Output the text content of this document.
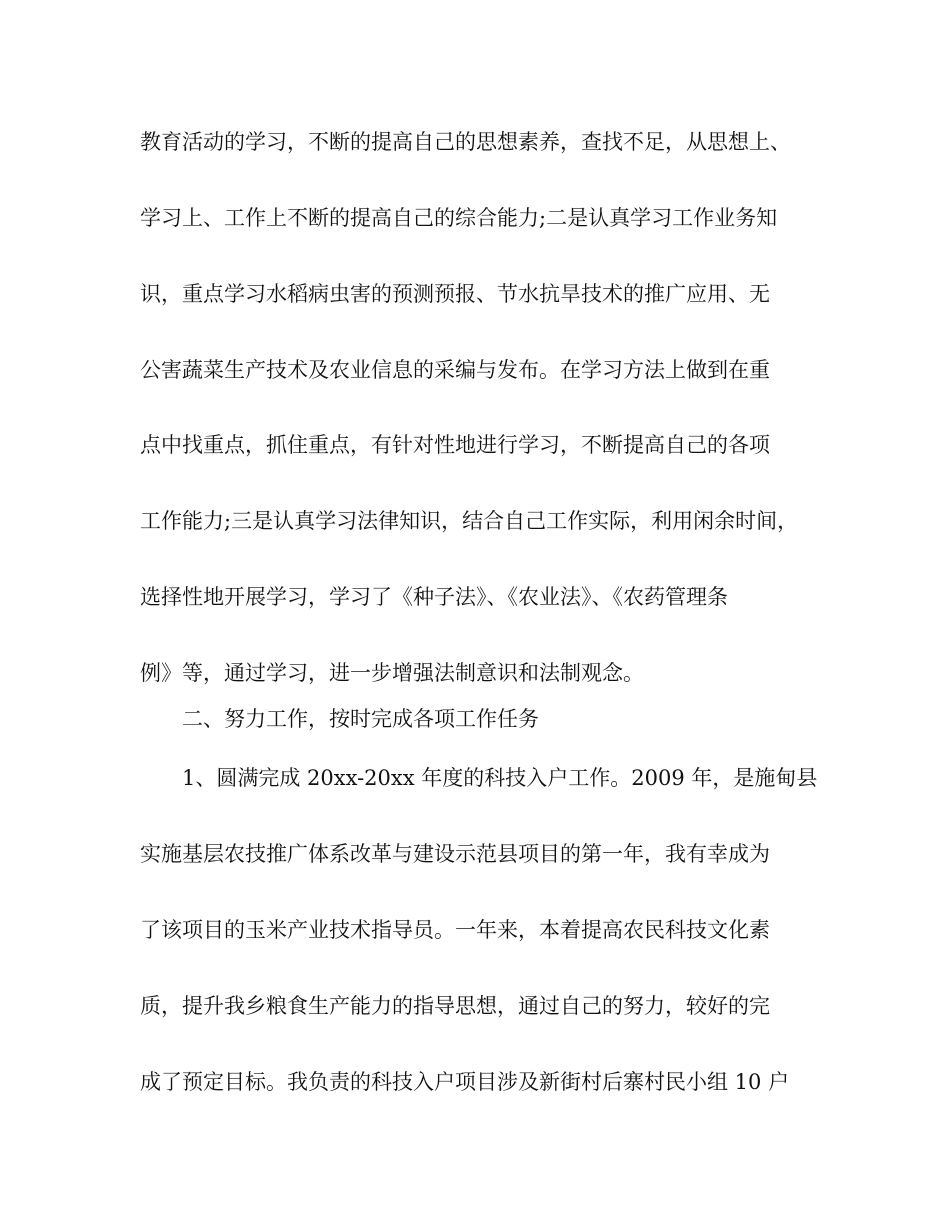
教育活动的学习，不断的提高自己的思想素养，查找不足，从思想上、
学习上、工作上不断的提高自己的综合能力;二是认真学习工作业务知
识，重点学习水稻病虫害的预测预报、节水抗旱技术的推广应用、无
公害蔬菜生产技术及农业信息的采编与发布。在学习方法上做到在重
点中找重点，抓住重点，有针对性地进行学习，不断提高自己的各项
工作能力;三是认真学习法律知识，结合自己工作实际，利用闲余时间，
选择性地开展学习，学习了《种子法》、《农业法》、《农药管理条
例》等，通过学习，进一步增强法制意识和法制观念。
二、努力工作，按时完成各项工作任务
1、圆满完成 20xx-20xx 年度的科技入户工作。2009 年，是施甸县
实施基层农技推广体系改革与建设示范县项目的第一年，我有幸成为
了该项目的玉米产业技术指导员。一年来，本着提高农民科技文化素
质，提升我乡粮食生产能力的指导思想，通过自己的努力，较好的完
成了预定目标。我负责的科技入户项目涉及新街村后寨村民小组 10 户
